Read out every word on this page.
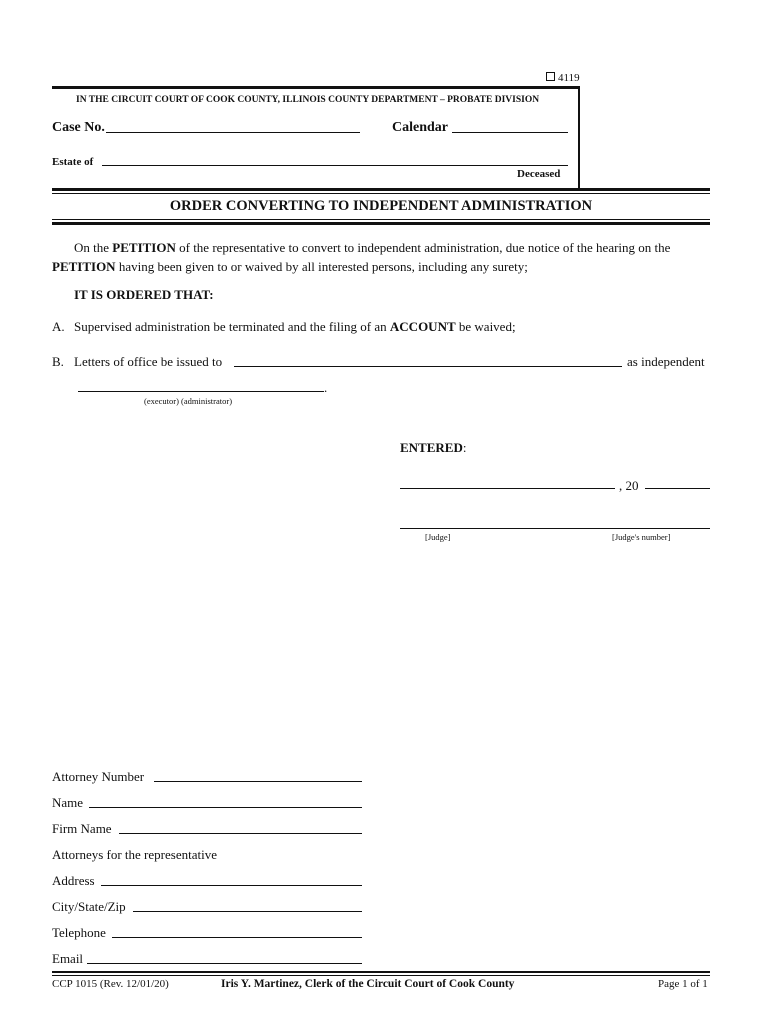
4119
IN THE CIRCUIT COURT OF COOK COUNTY, ILLINOIS COUNTY DEPARTMENT – PROBATE DIVISION
Case No.	Calendar
Estate of
Deceased
ORDER CONVERTING TO INDEPENDENT ADMINISTRATION
On the PETITION of the representative to convert to independent administration, due notice of the hearing on the
PETITION having been given to or waived by all interested persons, including any surety;
IT IS ORDERED THAT:
A. Supervised administration be terminated and the filing of an ACCOUNT be waived;
B. Letters of office be issued to	as independent
.
(executor) (administrator)
ENTERED:
, 20
[Judge]	[Judge's number]
Attorney Number
Name
Firm Name
Attorneys for the representative
Address
City/State/Zip
Telephone
Email
CCP 1015 (Rev. 12/01/20)	Iris Y. Martinez, Clerk of the Circuit Court of Cook County	Page 1 of 1
